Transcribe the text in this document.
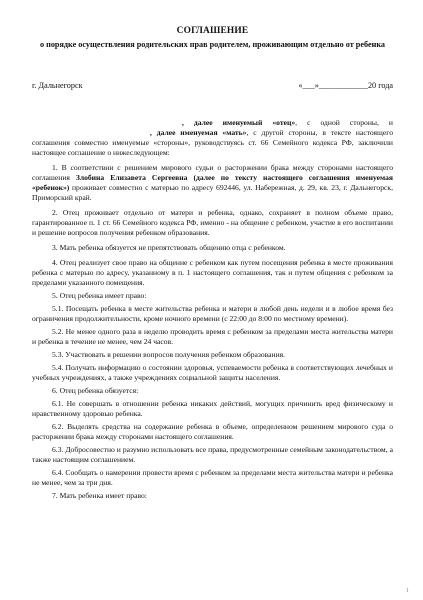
СОГЛАШЕНИЕ
о порядке осуществления родительских прав родителем, проживающим отдельно от ребенка
г. Дальнегорск	«___»____________20 года
, далее именуемый «отец», с одной стороны, и , далее именуемая «мать», с другой стороны, в тексте настоящего соглашения совместно именуемые «стороны», руководствуясь ст. 66 Семейного кодекса РФ, заключили настоящее соглашение о нижеследующем:
1. В соответствии с решением мирового судьи о расторжении брака между сторонами настоящего соглашения Злобина Елизавета Сергеевна (далее по тексту настоящего соглашения именуемая «ребенок») проживает совместно с матерью по адресу 692446, ул. Набережная, д. 29, кв. 23, г. Дальнегорск, Приморский край.
2. Отец проживает отдельно от матери и ребенка, однако, сохраняет в полном объеме право, гарантированное п. 1 ст. 66 Семейного кодекса РФ, именно - на общение с ребенком, участие в его воспитании и решение вопросов получения ребенком образования.
3. Мать ребенка обязуется не препятствовать общению отца с ребенком.
4. Отец реализует свое право на общение с ребенком как путем посещения ребенка в месте проживания ребенка с матерью по адресу, указанному в п. 1 настоящего соглашения, так и путем общения с ребенком за пределами указанного помещения.
5. Отец ребенка имеет право:
5.1. Посещать ребенка в месте жительства ребенка и матери в любой день недели и в любое время без ограничения продолжительности, кроме ночного времени (с 22:00 до 8:00 по местному времени).
5.2. Не менее одного раза в неделю проводить время с ребенком за пределами места жительства матери и ребенка в течение не менее, чем 24 часов.
5.3. Участвовать в решении вопросов получения ребенком образования.
5.4. Получать информацию о состоянии здоровья, успеваемости ребенка в соответствующих лечебных и учебных учреждениях, а также учреждениях социальной защиты населения.
6. Отец ребенка обязуется:
6.1. Не совершать в отношении ребенка никаких действий, могущих причинить вред физическому и нравственному здоровью ребенка.
6.2. Выделять средства на содержание ребенка в объеме, определенном решением мирового суда о расторжении брака между сторонами настоящего соглашения.
6.3. Добросовестно и разумно использовать все права, предусмотренные семейным законодательством, а также настоящим соглашением.
6.4. Сообщать о намерении провести время с ребенком за пределами места жительства матери и ребенка не менее, чем за три дня.
7. Мать ребенка имеет право:
1
